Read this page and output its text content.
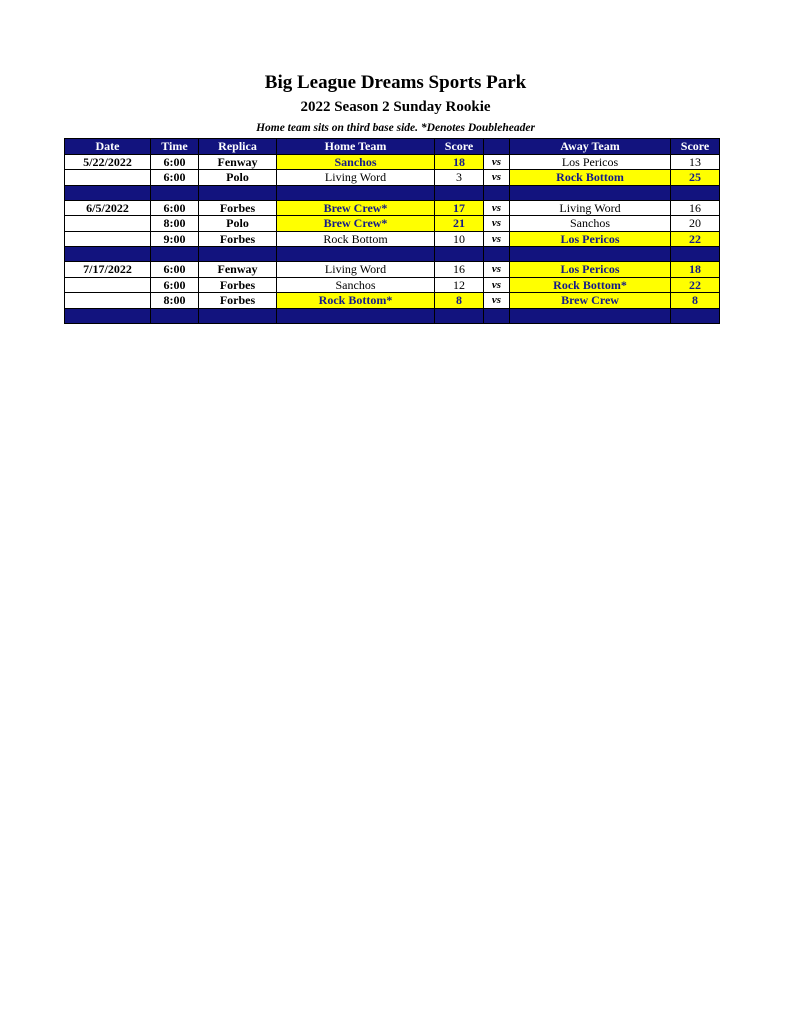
Big League Dreams Sports Park
2022 Season 2 Sunday Rookie
Home team sits on third base side. *Denotes Doubleheader
Date	Time	Replica	Home Team	Score		Away Team	Score
5/22/2022	6:00	Fenway	Sanchos	18	vs	Los Pericos	13
	6:00	Polo	Living Word	3	vs	Rock Bottom	25

6/5/2022	6:00	Forbes	Brew Crew*	17	vs	Living Word	16
	8:00	Polo	Brew Crew*	21	vs	Sanchos	20
	9:00	Forbes	Rock Bottom	10	vs	Los Pericos	22

7/17/2022	6:00	Fenway	Living Word	16	vs	Los Pericos	18
	6:00	Forbes	Sanchos	12	vs	Rock Bottom*	22
	8:00	Forbes	Rock Bottom*	8	vs	Brew Crew	8
